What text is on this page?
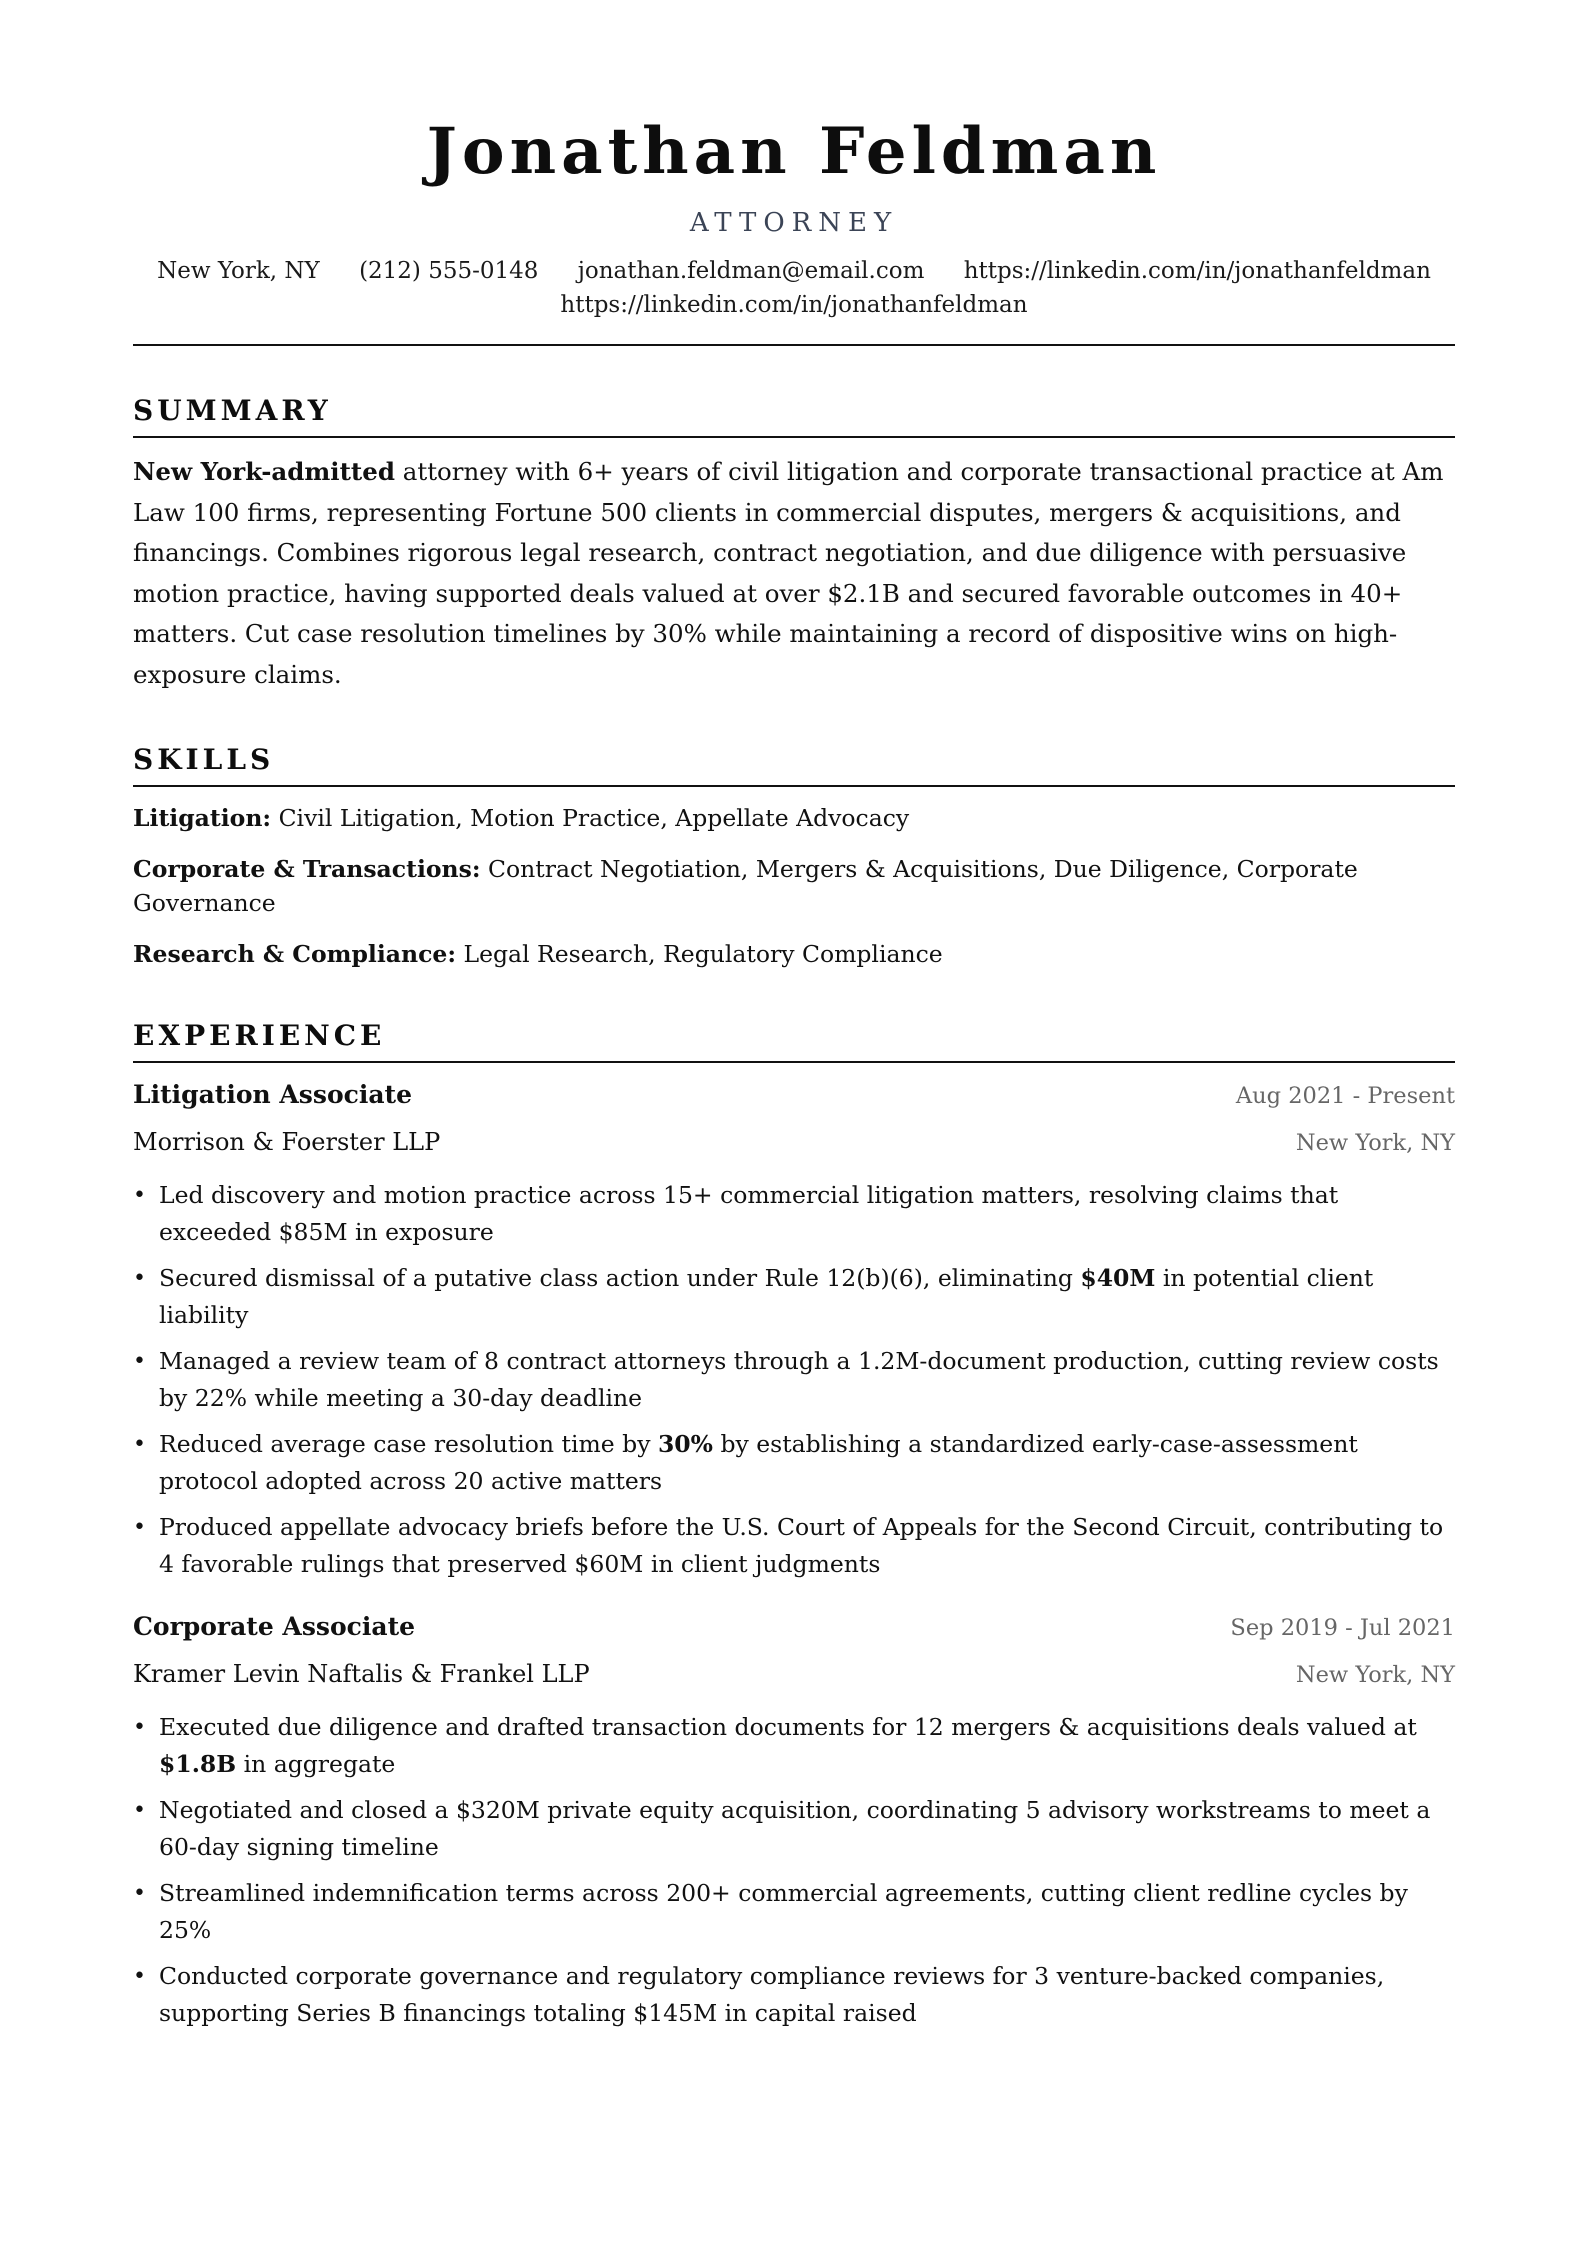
Jonathan Feldman
ATTORNEY
New York, NY (212) 555-0148 jonathan.feldman@email.com https://linkedin.com/in/jonathanfeldman
https://linkedin.com/in/jonathanfeldman
SUMMARY
New York-admitted attorney with 6+ years of civil litigation and corporate transactional practice at Am Law 100 firms, representing Fortune 500 clients in commercial disputes, mergers & acquisitions, and financings. Combines rigorous legal research, contract negotiation, and due diligence with persuasive motion practice, having supported deals valued at over $2.1B and secured favorable outcomes in 40+ matters. Cut case resolution timelines by 30% while maintaining a record of dispositive wins on high-exposure claims.
SKILLS
Litigation: Civil Litigation, Motion Practice, Appellate Advocacy
Corporate & Transactions: Contract Negotiation, Mergers & Acquisitions, Due Diligence, Corporate Governance
Research & Compliance: Legal Research, Regulatory Compliance
EXPERIENCE
Litigation Associate	Aug 2021 - Present
Morrison & Foerster LLP	New York, NY
• Led discovery and motion practice across 15+ commercial litigation matters, resolving claims that exceeded $85M in exposure
• Secured dismissal of a putative class action under Rule 12(b)(6), eliminating $40M in potential client liability
• Managed a review team of 8 contract attorneys through a 1.2M-document production, cutting review costs by 22% while meeting a 30-day deadline
• Reduced average case resolution time by 30% by establishing a standardized early-case-assessment protocol adopted across 20 active matters
• Produced appellate advocacy briefs before the U.S. Court of Appeals for the Second Circuit, contributing to 4 favorable rulings that preserved $60M in client judgments
Corporate Associate	Sep 2019 - Jul 2021
Kramer Levin Naftalis & Frankel LLP	New York, NY
• Executed due diligence and drafted transaction documents for 12 mergers & acquisitions deals valued at $1.8B in aggregate
• Negotiated and closed a $320M private equity acquisition, coordinating 5 advisory workstreams to meet a 60-day signing timeline
• Streamlined indemnification terms across 200+ commercial agreements, cutting client redline cycles by 25%
• Conducted corporate governance and regulatory compliance reviews for 3 venture-backed companies, supporting Series B financings totaling $145M in capital raised
